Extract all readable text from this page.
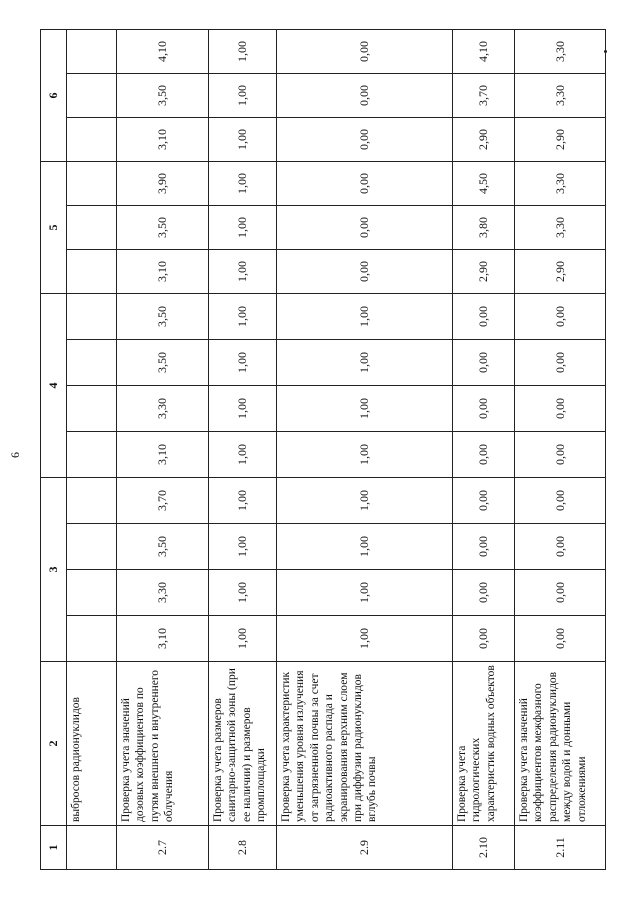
6
1	2	3				4				5			6		
	выбросов радионуклидов														
2.7	Проверка учета значений дозовых коэффициентов по путям внешнего и внутреннего облучения	3,10	3,30	3,50	3,70	3,10	3,30	3,50	3,50	3,10	3,50	3,90	3,10	3,50	4,10
2.8	Проверка учета размеров санитарно-защитной зоны (при ее наличии) и размеров промплощадки	1,00	1,00	1,00	1,00	1,00	1,00	1,00	1,00	1,00	1,00	1,00	1,00	1,00	1,00
2.9	Проверка учета характеристик уменьшения уровня излучения от загрязненной почвы за счет радиоактивного распада и экранирования верхним слоем при диффузии радионуклидов вглубь почвы	1,00	1,00	1,00	1,00	1,00	1,00	1,00	1,00	0,00	0,00	0,00	0,00	0,00	0,00
2.10	Проверка учета гидрологических характеристик водных объектов	0,00	0,00	0,00	0,00	0,00	0,00	0,00	0,00	2,90	3,80	4,50	2,90	3,70	4,10
2.11	Проверка учета значений коэффициентов межфазного распределения радионуклидов между водой и донными отложениями	0,00	0,00	0,00	0,00	0,00	0,00	0,00	0,00	2,90	3,30	3,30	2,90	3,30	3,30
